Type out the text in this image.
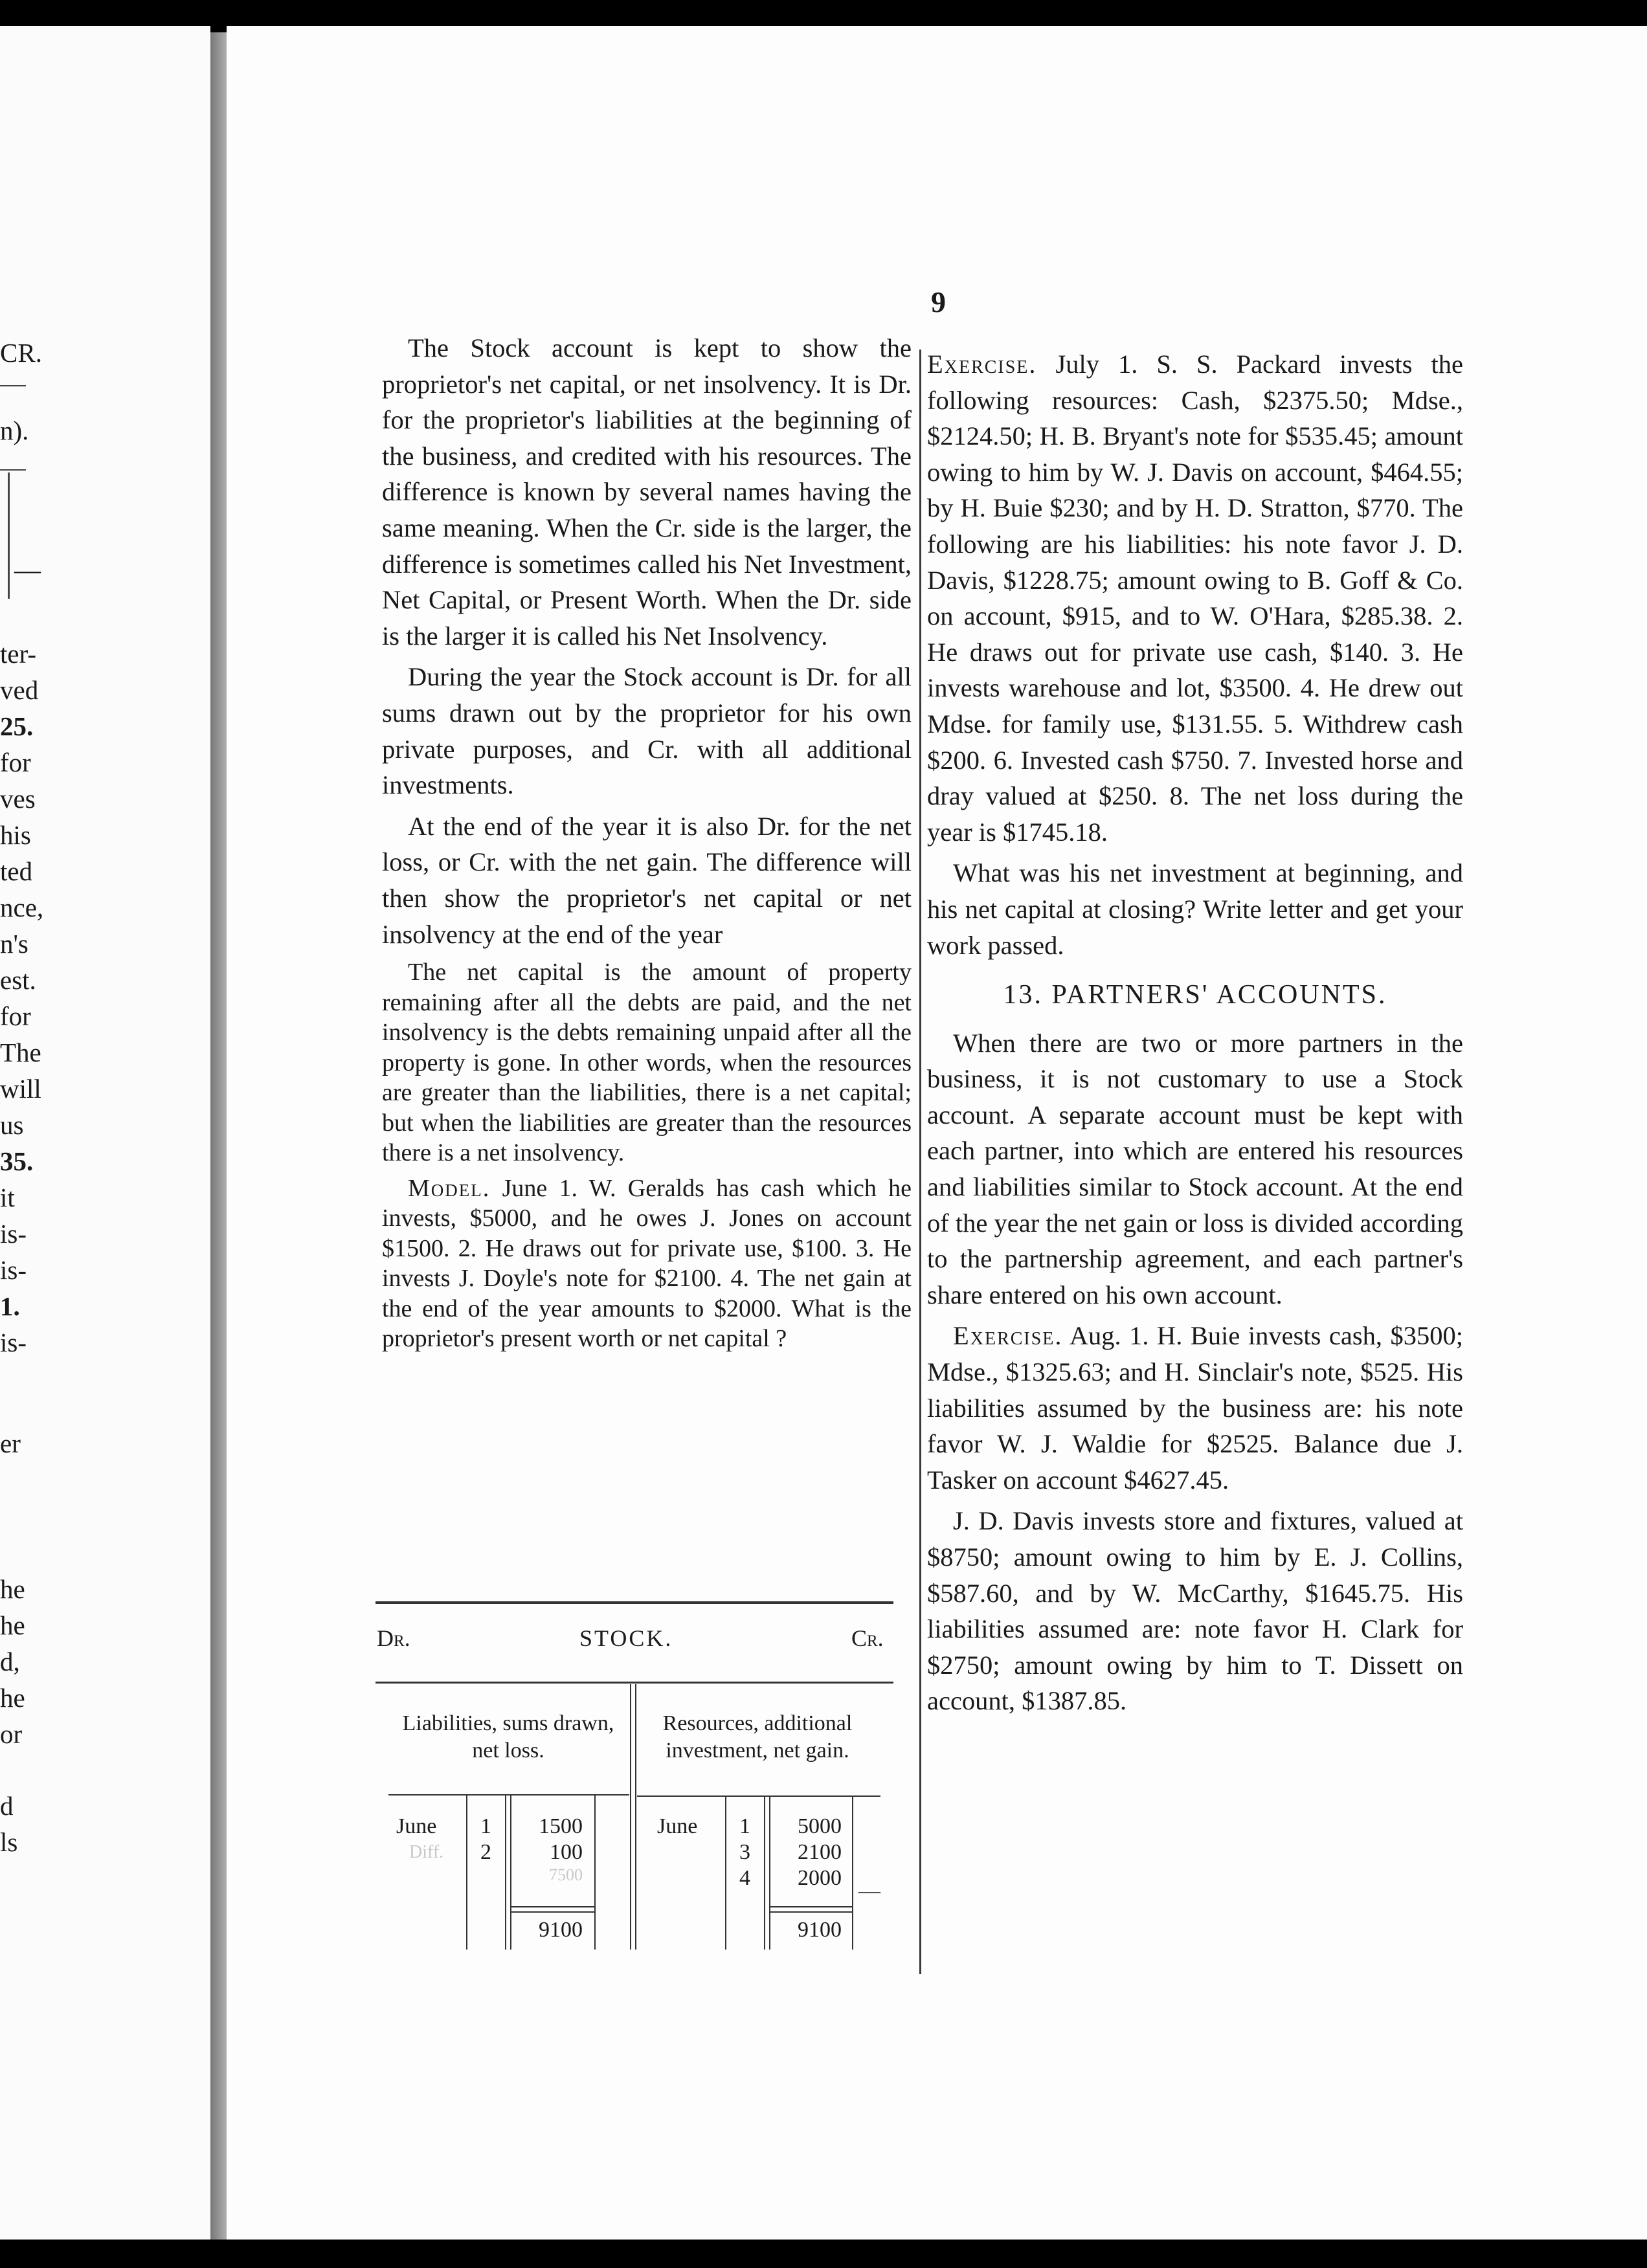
CR.
n).
—
ter-
ved
25.
for
ves
his
ted
nce,
n's
est.
for
The
will
us
35.
it
is-
is-
1.
is-
er
he
he
d,
he
or
d
ls
9

The Stock account is kept to show the proprietor's net capital, or net insolvency. It is Dr. for the proprietor's liabilities at the beginning of the business, and credited with his resources. The difference is known by several names having the same meaning. When the Cr. side is the larger, the difference is sometimes called his Net Investment, Net Capital, or Present Worth. When the Dr. side is the larger it is called his Net Insolvency.

During the year the Stock account is Dr. for all sums drawn out by the proprietor for his own private purposes, and Cr. with all additional investments.

At the end of the year it is also Dr. for the net loss, or Cr. with the net gain. The difference will then show the proprietor's net capital or net insolvency at the end of the year

The net capital is the amount of property remaining after all the debts are paid, and the net insolvency is the debts remaining unpaid after all the property is gone. In other words, when the resources are greater than the liabilities, there is a net capital; but when the liabilities are greater than the resources there is a net insolvency.

Model. June 1. W. Geralds has cash which he invests, $5000, and he owes J. Jones on account $1500. 2. He draws out for private use, $100. 3. He invests J. Doyle's note for $2100. 4. The net gain at the end of the year amounts to $2000. What is the proprietor's present worth or net capital ?

Dr.	STOCK.	Cr.
Liabilities, sums drawn, net loss.
Resources, additional investment, net gain.
June
Diff.
1
2
1500
100
7500
9100
June 1
3
4
5000
2100
2000
9100
—

Exercise. July 1. S. S. Packard invests the following resources: Cash, $2375.50; Mdse., $2124.50; H. B. Bryant's note for $535.45; amount owing to him by W. J. Davis on account, $464.55; by H. Buie $230; and by H. D. Stratton, $770. The following are his liabilities: his note favor J. D. Davis, $1228.75; amount owing to B. Goff & Co. on account, $915, and to W. O'Hara, $285.38. 2. He draws out for private use cash, $140. 3. He invests warehouse and lot, $3500. 4. He drew out Mdse. for family use, $131.55. 5. Withdrew cash $200. 6. Invested cash $750. 7. Invested horse and dray valued at $250. 8. The net loss during the year is $1745.18.

What was his net investment at beginning, and his net capital at closing? Write letter and get your work passed.

13. PARTNERS' ACCOUNTS.

When there are two or more partners in the business, it is not customary to use a Stock account. A separate account must be kept with each partner, into which are entered his resources and liabilities similar to Stock account. At the end of the year the net gain or loss is divided according to the partnership agreement, and each partner's share entered on his own account.

Exercise. Aug. 1. H. Buie invests cash, $3500; Mdse., $1325.63; and H. Sinclair's note, $525. His liabilities assumed by the business are: his note favor W. J. Waldie for $2525. Balance due J. Tasker on account $4627.45.

J. D. Davis invests store and fixtures, valued at $8750; amount owing to him by E. J. Collins, $587.60, and by W. McCarthy, $1645.75. His liabilities assumed are: note favor H. Clark for $2750; amount owing by him to T. Dissett on account, $1387.85.
